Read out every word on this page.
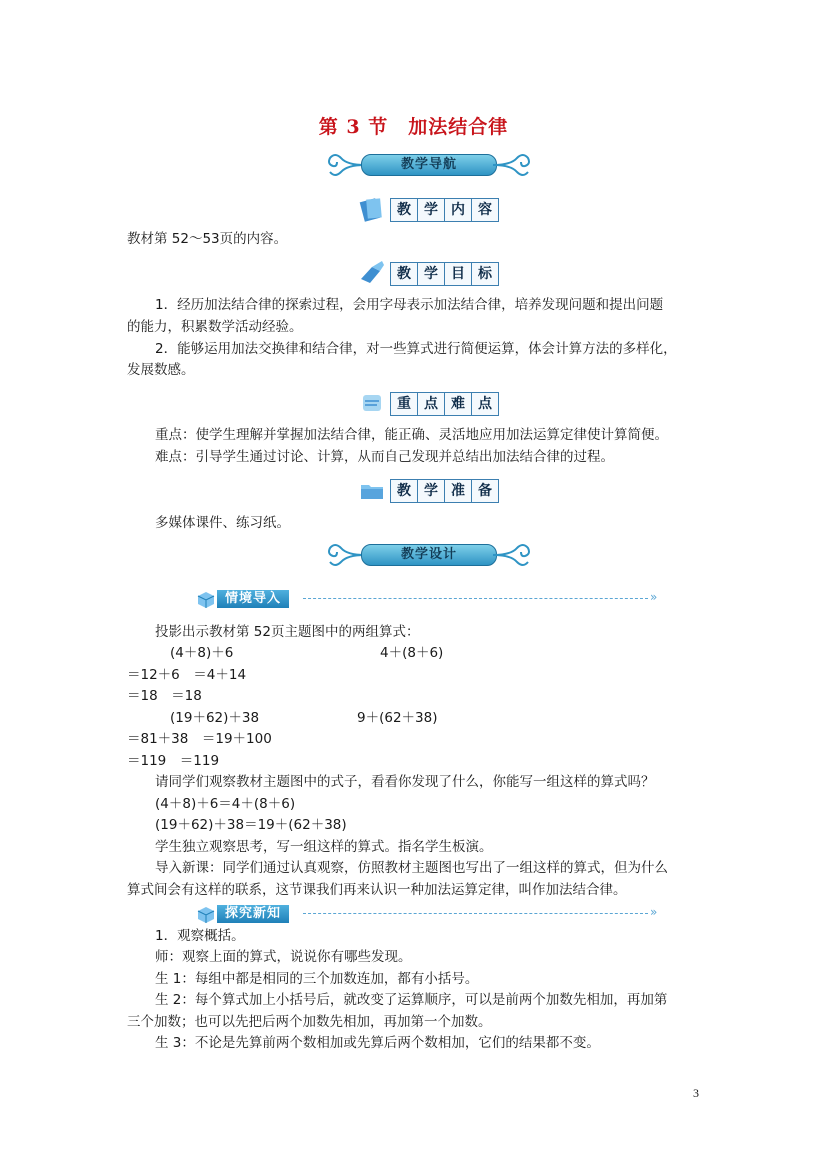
第 3 节　加法结合律
教学导航
教 学 内 容
教材第 52～53页的内容。
教 学 目 标
1．经历加法结合律的探索过程，会用字母表示加法结合律，培养发现问题和提出问题
的能力，积累数学活动经验。
2．能够运用加法交换律和结合律，对一些算式进行简便运算，体会计算方法的多样化，
发展数感。
重 点 难 点
重点：使学生理解并掌握加法结合律，能正确、灵活地应用加法运算定律使计算简便。
难点：引导学生通过讨论、计算，从而自己发现并总结出加法结合律的过程。
教 学 准 备
多媒体课件、练习纸。
教学设计
情境导入	»
投影出示教材第 52页主题图中的两组算式：
(4＋8)＋6	4＋(8＋6)
＝12＋6　＝4＋14
＝18　＝18
(19＋62)＋38	9＋(62＋38)
＝81＋38　＝19＋100
＝119　＝119
请同学们观察教材主题图中的式子，看看你发现了什么，你能写一组这样的算式吗？
(4＋8)＋6＝4＋(8＋6)
(19＋62)＋38＝19＋(62＋38)
学生独立观察思考，写一组这样的算式。指名学生板演。
导入新课：同学们通过认真观察，仿照教材主题图也写出了一组这样的算式，但为什么
算式间会有这样的联系，这节课我们再来认识一种加法运算定律，叫作加法结合律。
探究新知	»
1．观察概括。
师：观察上面的算式，说说你有哪些发现。
生 1：每组中都是相同的三个加数连加，都有小括号。
生 2：每个算式加上小括号后，就改变了运算顺序，可以是前两个加数先相加，再加第
三个加数；也可以先把后两个加数先相加，再加第一个加数。
生 3：不论是先算前两个数相加或先算后两个数相加，它们的结果都不变。
3
